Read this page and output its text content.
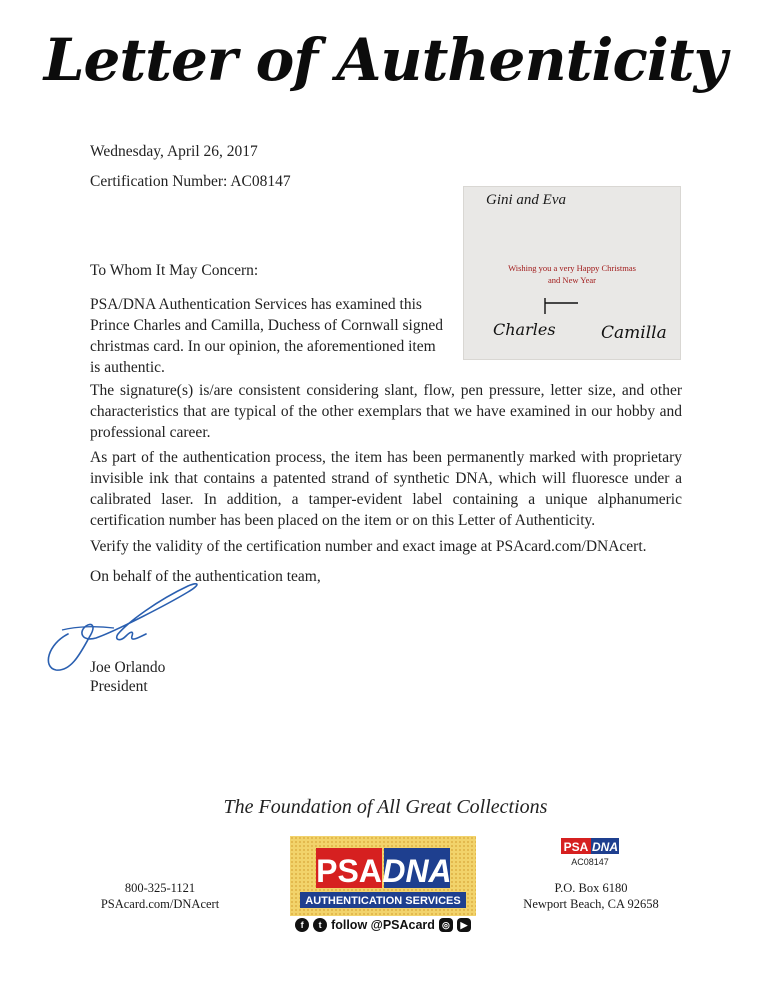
Letter of Authenticity
Wednesday, April 26, 2017
Certification Number: AC08147
Gini and Eva
Wishing you a very Happy Christmas
and New Year
Charles	Camilla
To Whom It May Concern:
PSA/DNA Authentication Services has examined this
Prince Charles and Camilla, Duchess of Cornwall signed
christmas card. In our opinion, the aforementioned item
is authentic.
The signature(s) is/are consistent considering slant, flow, pen pressure, letter size, and other characteristics that are typical of the other exemplars that we have examined in our hobby and professional career.
As part of the authentication process, the item has been permanently marked with proprietary invisible ink that contains a patented strand of synthetic DNA, which will fluoresce under a calibrated laser. In addition, a tamper-evident label containing a unique alphanumeric certification number has been placed on the item or on this Letter of Authenticity.
Verify the validity of the certification number and exact image at PSAcard.com/DNAcert.
On behalf of the authentication team,
Joe Orlando
President
The Foundation of All Great Collections
800-325-1121
PSAcard.com/DNAcert
PSA DNA
AUTHENTICATION SERVICES
f	t follow @PSAcard ◎	▶
PSA DNA
AC08147
P.O. Box 6180
Newport Beach, CA 92658
